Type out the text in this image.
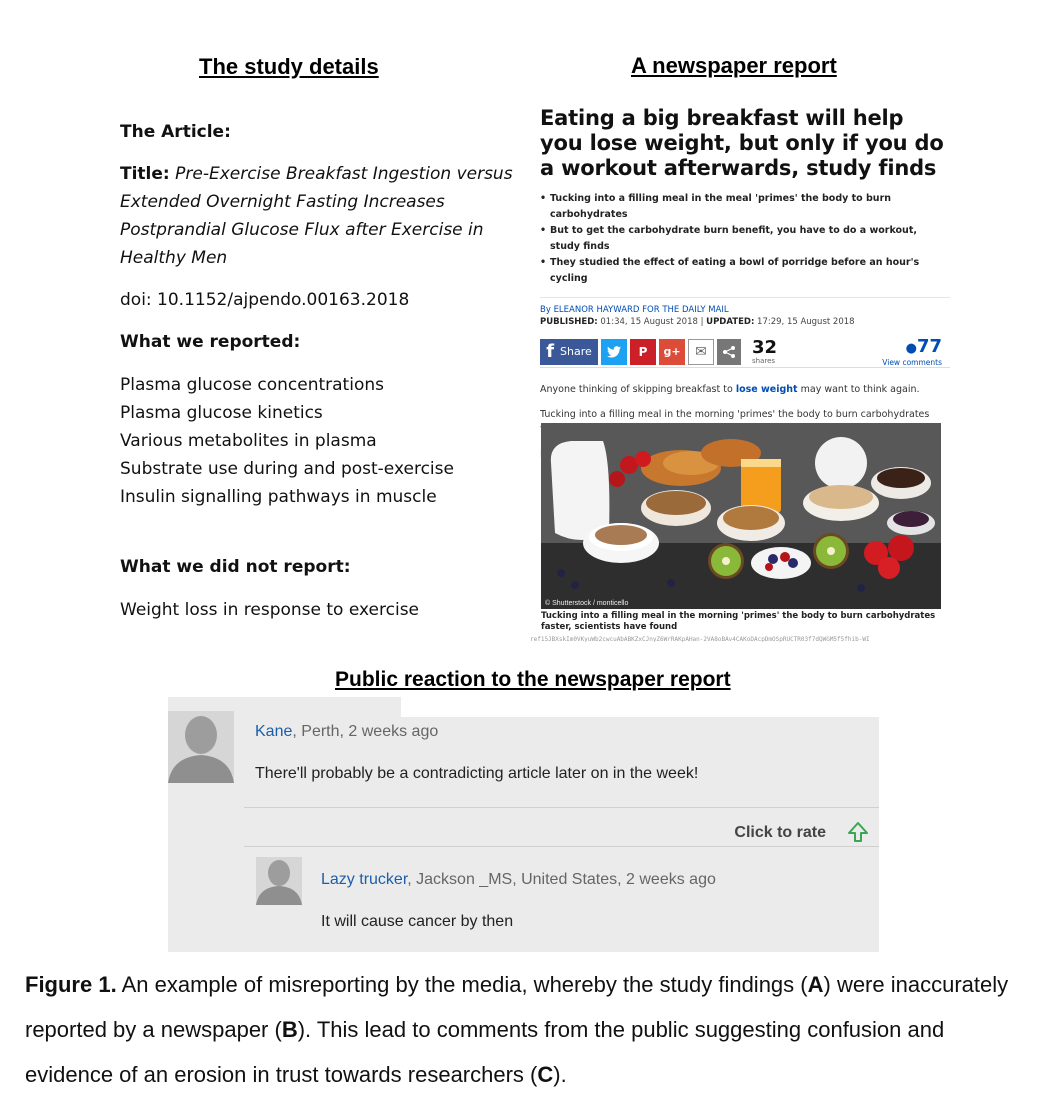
The study details	A newspaper report
Public reaction to the newspaper report

The Article:

Title: Pre-Exercise Breakfast Ingestion versus Extended Overnight Fasting Increases Postprandial Glucose Flux after Exercise in Healthy Men

doi: 10.1152/ajpendo.00163.2018

What we reported:

Plasma glucose concentrations

Plasma glucose kinetics

Various metabolites in plasma

Substrate use during and post-exercise

Insulin signalling pathways in muscle

What we did not report:

Weight loss in response to exercise

Eating a big breakfast will help you lose weight, but only if you do a workout afterwards, study finds
• Tucking into a filling meal in the meal 'primes' the body to burn carbohydrates
• But to get the carbohydrate burn benefit, you have to do a workout, study finds
• They studied the effect of eating a bowl of porridge before an hour's cycling
By ELEANOR HAYWARD FOR THE DAILY MAIL
PUBLISHED: 01:34, 15 August 2018 | UPDATED: 17:29, 15 August 2018
f Share	P	g+	✉	32
shares
●77
View comments

Anyone thinking of skipping breakfast to lose weight may want to think again.

Tucking into a filling meal in the morning 'primes' the body to burn carbohydrates

© Shutterstock / monticello
Tucking into a filling meal in the morning 'primes' the body to burn carbohydrates faster, scientists have found
ref15JBXskIm0VKyuWb2cwcuAbABKZxCJnyZ6WrRAKpAHan-2VA8oBAv4CAKoDAcpDmOSpRUCTR03f7dQWGM5f5fhib-WI
Kane, Perth, 2 weeks ago
There'll probably be a contradicting article later on in the week!
Click to rate
Lazy trucker, Jackson _MS, United States, 2 weeks ago
It will cause cancer by then
Figure 1. An example of misreporting by the media, whereby the study findings (A) were inaccurately reported by a newspaper (B). This lead to comments from the public suggesting confusion and evidence of an erosion in trust towards researchers (C).
